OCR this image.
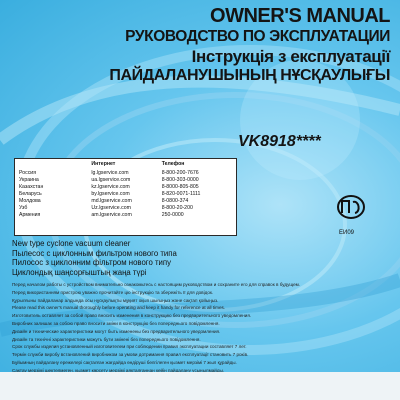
OWNER'S MANUAL
РУКОВОДСТВО ПО ЭКСПЛУАТАЦИИ
Інструкція з експлуатації
ПАЙДАЛАНУШЫНЫҢ НҰСҚАУЛЫҒЫ
VK8918****
	Интернет	Телефон
Россия	lg.lgservice.com	8-800-200-7676
Украина	ua.lgservice.com	8-800-303-0000
Казахстан	kz.lgservice.com	8-8000-805-805
Беларусь	by.lgservice.com	8-820-0071-1111
Молдова	md.lgservice.com	8-0800-374
Узб	Uz.lgservice.com	8-800-20-200
Армения	am.lgservice.com	250-0000
ЕИ09
New type cyclone vacuum cleaner
Пылесос с циклонным фильтром нового типа
Пилосос з циклонним фільтром нового типу
Циклондық шаңсорғыштың жаңа түрі
Перед началом работы с устройством внимательно ознакомьтесь с настоящим руководством и сохраните его для справок в будущем.
Перед використанням пристрою уважно прочитайте цю інструкцію та збережіть її для довідок.
Құрылғыны пайдаланар алдында осы нұсқаулықты мұқият оқып шығыңыз және сақтап қойыңыз.
Please read this owner's manual thoroughly before operating and keep it handy for reference at all times.
Изготовитель оставляет за собой право вносить изменения в конструкцию без предварительного уведомления.
Виробник залишає за собою право вносити зміни в конструкцію без попереднього повідомлення.
Дизайн и технические характеристики могут быть изменены без предварительного уведомления.
Дизайн та технічні характеристики можуть бути змінені без попереднього повідомлення.
Срок службы изделия установленный изготовителем при соблюдении правил эксплуатации составляет 7 лет.
Термін служби виробу встановлений виробником за умови дотримання правил експлуатації становить 7 років.
Бұйымның пайдалану ережелері сақталған жағдайда өндіруші белгілеген қызмет мерзімі 7 жыл құрайды.
Сақтау мерзімі шектелмеген, қызмет көрсету мерзімі аяқталғаннан кейін пайдалану ұсынылмайды.
